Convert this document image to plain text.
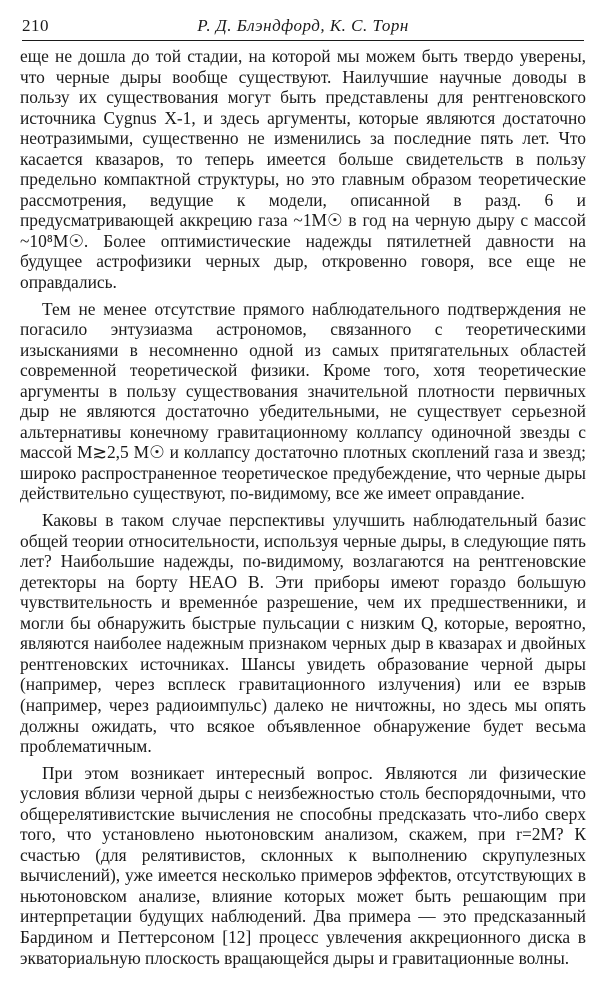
210	Р. Д. Блэндфорд, К. С. Торн

еще не дошла до той стадии, на которой мы можем быть твердо уверены, что черные дыры вообще существуют. Наилучшие научные доводы в пользу их существования могут быть представлены для рентгеновского источника Cygnus X-1, и здесь аргументы, которые являются достаточно неотразимыми, существенно не изменились за последние пять лет. Что касается квазаров, то теперь имеется больше свидетельств в пользу предельно компактной структуры, но это главным образом теоретические рассмотрения, ведущие к модели, описанной в разд. 6 и предусматривающей аккрецию газа ~1M☉ в год на черную дыру с массой ~10⁸M☉. Более оптимистические надежды пятилетней давности на будущее астрофизики черных дыр, откровенно говоря, все еще не оправдались.

Тем не менее отсутствие прямого наблюдательного подтверждения не погасило энтузиазма астрономов, связанного с теоретическими изысканиями в несомненно одной из самых притягательных областей современной теоретической физики. Кроме того, хотя теоретические аргументы в пользу существования значительной плотности первичных дыр не являются достаточно убедительными, не существует серьезной альтернативы конечному гравитационному коллапсу одиночной звезды с массой M≳2,5 M☉ и коллапсу достаточно плотных скоплений газа и звезд; широко распространенное теоретическое предубеждение, что черные дыры действительно существуют, по-видимому, все же имеет оправдание.

Каковы в таком случае перспективы улучшить наблюдательный базис общей теории относительности, используя черные дыры, в следующие пять лет? Наибольшие надежды, по-видимому, возлагаются на рентгеновские детекторы на борту HEAO B. Эти приборы имеют гораздо большую чувствительность и временнóе разрешение, чем их предшественники, и могли бы обнаружить быстрые пульсации с низким Q, которые, вероятно, являются наиболее надежным признаком черных дыр в квазарах и двойных рентгеновских источниках. Шансы увидеть образование черной дыры (например, через всплеск гравитационного излучения) или ее взрыв (например, через радиоимпульс) далеко не ничтожны, но здесь мы опять должны ожидать, что всякое объявленное обнаружение будет весьма проблематичным.

При этом возникает интересный вопрос. Являются ли физические условия вблизи черной дыры с неизбежностью столь беспорядочными, что общерелятивистские вычисления не способны предсказать что-либо сверх того, что установлено ньютоновским анализом, скажем, при r=2M? К счастью (для релятивистов, склонных к выполнению скрупулезных вычислений), уже имеется несколько примеров эффектов, отсутствующих в ньютоновском анализе, влияние которых может быть решающим при интерпретации будущих наблюдений. Два примера — это предсказанный Бардином и Петтерсоном [12] процесс увлечения аккреционного диска в экваториальную плоскость вращающейся дыры и гравитационные волны.
